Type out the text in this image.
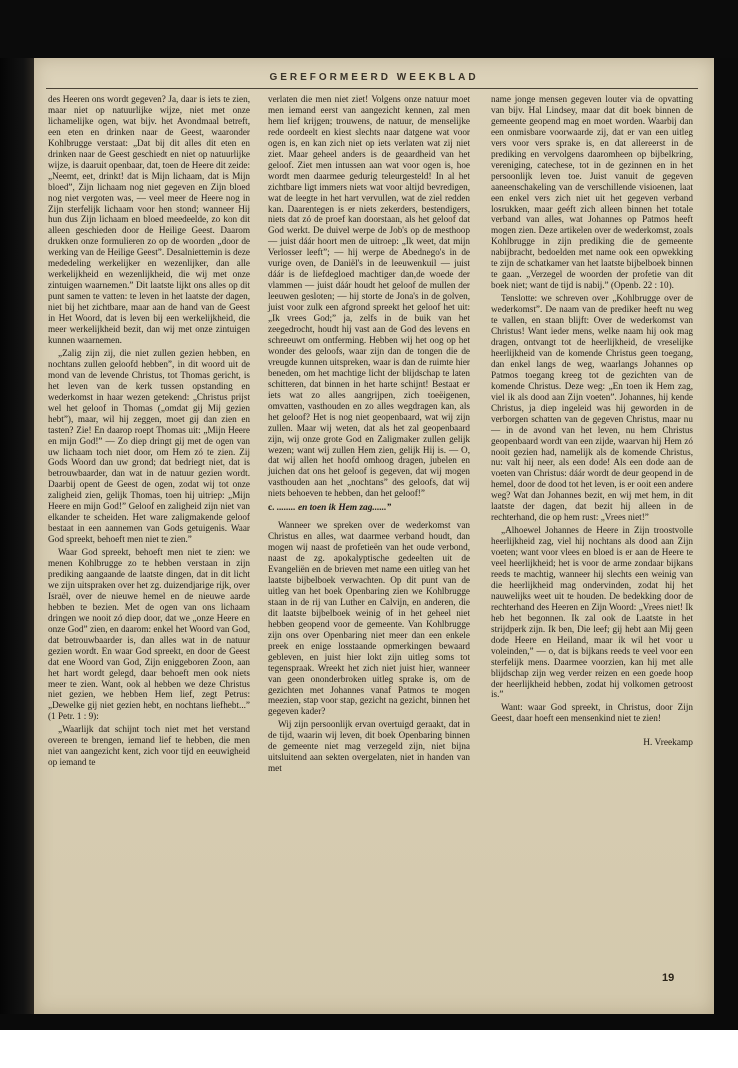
GEREFORMEERD WEEKBLAD

des Heeren ons wordt gegeven? Ja, daar is iets te zien, maar niet op natuurlijke wijze, niet met onze lichamelijke ogen, wat bijv. het Avondmaal betreft, een eten en drinken naar de Geest, waaronder Kohlbrugge verstaat: „Dat bij dit alles dit eten en drinken naar de Geest geschiedt en niet op natuurlijke wijze, is daaruit openbaar, dat, toen de Heere dit zeide: „Neemt, eet, drinkt! dat is Mijn lichaam, dat is Mijn bloed”, Zijn lichaam nog niet gegeven en Zijn bloed nog niet vergoten was, — veel meer de Heere nog in Zijn sterfelijk lichaam voor hen stond; wanneer Hij hun dus Zijn lichaam en bloed meedeelde, zo kon dit alleen geschieden door de Heilige Geest. Daarom drukken onze formulieren zo op de woorden „door de werking van de Heilige Geest”. Desalniettemin is deze mededeling werkelijker en wezenlijker, dan alle werkelijkheid en wezenlijkheid, die wij met onze zintuigen waarnemen.” Dit laatste lijkt ons alles op dit punt samen te vatten: te leven in het laatste der dagen, niet bij het zichtbare, maar aan de hand van de Geest in Het Woord, dat is leven bij een werkelijkheid, die meer werkelijkheid bezit, dan wij met onze zintuigen kunnen waarnemen.

„Zalig zijn zij, die niet zullen gezien hebben, en nochtans zullen geloofd hebben”, in dit woord uit de mond van de levende Christus, tot Thomas gericht, is het leven van de kerk tussen opstanding en wederkomst in haar wezen getekend: „Christus prijst wel het geloof in Thomas („omdat gij Mij gezien hebt”), maar, wil hij zeggen, moet gij dan zien en tasten? Zie! En daarop roept Thomas uit: „Mijn Heere en mijn God!” — Zo diep dringt gij met de ogen van uw lichaam toch niet door, om Hem zó te zien. Zij Gods Woord dan uw grond; dat bedriegt niet, dat is betrouwbaarder, dan wat in de natuur gezien wordt. Daarbij opent de Geest de ogen, zodat wij tot onze zaligheid zien, gelijk Thomas, toen hij uitriep: „Mijn Heere en mijn God!” Geloof en zaligheid zijn niet van elkander te scheiden. Het ware zaligmakende geloof bestaat in een aannemen van Gods getuigenis. Waar God spreekt, behoeft men niet te zien.”

Waar God spreekt, behoeft men niet te zien: we menen Kohlbrugge zo te hebben verstaan in zijn prediking aangaande de laatste dingen, dat in dit licht we zijn uitspraken over het zg. duizendjarige rijk, over Israël, over de nieuwe hemel en de nieuwe aarde hebben te bezien. Met de ogen van ons lichaam dringen we nooit zó diep door, dat we „onze Heere en onze God” zien, en daarom: enkel het Woord van God, dat betrouwbaarder is, dan alles wat in de natuur gezien wordt. En waar God spreekt, en door de Geest dat ene Woord van God, Zijn eniggeboren Zoon, aan het hart wordt gelegd, daar behoeft men ook niets meer te zien. Want, ook al hebben we deze Christus niet gezien, we hebben Hem lief, zegt Petrus: „Dewelke gij niet gezien hebt, en nochtans liefhebt...” (1 Petr. 1 : 9):

„Waarlijk dat schijnt toch niet met het verstand overeen te brengen, iemand lief te hebben, die men niet van aangezicht kent, zich voor tijd en eeuwigheid op iemand te

verlaten die men niet ziet! Volgens onze natuur moet men iemand eerst van aangezicht kennen, zal men hem lief krijgen; trouwens, de natuur, de menselijke rede oordeelt en kiest slechts naar datgene wat voor ogen is, en kan zich niet op iets verlaten wat zij niet ziet. Maar geheel anders is de geaardheid van het geloof. Ziet men intussen aan wat voor ogen is, hoe wordt men daarmee gedurig teleurgesteld! In al het zichtbare ligt immers niets wat voor altijd bevredigen, wat de leegte in het hart vervullen, wat de ziel redden kan. Daarentegen is er niets zekerders, bestendigers, niets dat zó de proef kan doorstaan, als het geloof dat God werkt. De duivel werpe de Job's op de mesthoop — juist dáár hoort men de uitroep: „Ik weet, dat mijn Verlosser leeft”; — hij werpe de Abednego's in de vurige oven, de Daniël's in de leeuwenkuil — juist dáár is de liefdegloed machtiger dan,de woede der vlammen — juist dáár houdt het geloof de mullen der leeuwen gesloten; — hij storte de Jona's in de golven, juist voor zulk een afgrond spreekt het geloof het uit: „Ik vrees God;” ja, zelfs in de buik van het zeegedrocht, houdt hij vast aan de God des levens en schreeuwt om ontferming. Hebben wij het oog op het wonder des geloofs, waar zijn dan de tongen die de vreugde kunnen uitspreken, waar is dan de ruimte hier beneden, om het machtige licht der blijdschap te laten schitteren, dat binnen in het harte schijnt! Bestaat er iets wat zo alles aangrijpen, zich toeëigenen, omvatten, vasthouden en zo alles wegdragen kan, als het geloof? Het is nog niet geopenbaard, wat wij zijn zullen. Maar wij weten, dat als het zal geopenbaard zijn, wij onze grote God en Zaligmaker zullen gelijk wezen; want wij zullen Hem zien, gelijk Hij is. — O, dat wij allen het hoofd omhoog dragen, jubelen en juichen dat ons het geloof is gegeven, dat wij mogen vasthouden aan het „nochtans” des geloofs, dat wij niets behoeven te hebben, dan het geloof!”

c. ........ en toen ik Hem zag......”

Wanneer we spreken over de wederkomst van Christus en alles, wat daarmee verband houdt, dan mogen wij naast de profetieën van het oude verbond, naast de zg. apokalyptische gedeelten uit de Evangeliën en de brieven met name een uitleg van het laatste bijbelboek verwachten. Op dit punt van de uitleg van het boek Openbaring zien we Kohlbrugge staan in de rij van Luther en Calvijn, en anderen, die dit laatste bijbelboek weinig of in het geheel niet hebben geopend voor de gemeente. Van Kohlbrugge zijn ons over Openbaring niet meer dan een enkele preek en enige losstaande opmerkingen bewaard gebleven, en juist hier lokt zijn uitleg soms tot tegenspraak. Wreekt het zich niet juist hier, wanneer van geen ononderbroken uitleg sprake is, om de gezichten met Johannes vanaf Patmos te mogen meezien, stap voor stap, gezicht na gezicht, binnen het gegeven kader?

Wij zijn persoonlijk ervan overtuigd geraakt, dat in de tijd, waarin wij leven, dit boek Openbaring binnen de gemeente niet mag verzegeld zijn, niet bijna uitsluitend aan sekten overgelaten, niet in handen van met

name jonge mensen gegeven louter via de opvatting van bijv. Hal Lindsey, maar dat dit boek binnen de gemeente geopend mag en moet worden. Waarbij dan een onmisbare voorwaarde zij, dat er van een uitleg vers voor vers sprake is, en dat allereerst in de prediking en vervolgens daaromheen op bijbelkring, vereniging, catechese, tot in de gezinnen en in het persoonlijk leven toe. Juist vanuit de gegeven aaneenschakeling van de verschillende visioenen, laat een enkel vers zich niet uit het gegeven verband losrukken, maar geéft zich alleen binnen het totale verband van alles, wat Johannes op Patmos heeft mogen zien. Deze artikelen over de wederkomst, zoals Kohlbrugge in zijn prediking die de gemeente nabijbracht, bedoelden met name ook een opwekking te zijn de schatkamer van het laatste bijbelboek binnen te gaan. „Verzegel de woorden der profetie van dit boek niet; want de tijd is nabij.” (Openb. 22 : 10).

Tenslotte: we schreven over „Kohlbrugge over de wederkomst”. De naam van de prediker heeft nu weg te vallen, en staan blijft: Over de wederkomst van Christus! Want ieder mens, welke naam hij ook mag dragen, ontvangt tot de heerlijkheid, de vreselijke heerlijkheid van de komende Christus geen toegang, dan enkel langs de weg, waarlangs Johannes op Patmos toegang kreeg tot de gezichten van de komende Christus. Deze weg: „En toen ik Hem zag, viel ik als dood aan Zijn voeten”. Johannes, hij kende Christus, ja diep ingeleid was hij geworden in de verborgen schatten van de gegeven Christus, maar nu — in de avond van het leven, nu hem Christus geopenbaard wordt van een zijde, waarvan hij Hem zó nooit gezien had, namelijk als de komende Christus, nu: valt hij neer, als een dode! Als een dode aan de voeten van Christus: dáár wordt de deur geopend in de hemel, door de dood tot het leven, is er ooit een andere weg? Wat dan Johannes bezit, en wij met hem, in dit laatste der dagen, dat bezit hij alleen in de rechterhand, die op hem rust: „Vrees niet!”

„Alhoewel Johannes de Heere in Zijn troostvolle heerlijkheid zag, viel hij nochtans als dood aan Zijn voeten; want voor vlees en bloed is er aan de Heere te veel heerlijkheid; het is voor de arme zondaar bijkans reeds te machtig, wanneer hij slechts een weinig van die heerlijkheid mag ondervinden, zodat hij het nauwelijks weet uit te houden. De bedekking door de rechterhand des Heeren en Zijn Woord: „Vrees niet! Ik heb het begonnen. Ik zal ook de Laatste in het strijdperk zijn. Ik ben, Die leef; gij hebt aan Mij geen dode Heere en Heiland, maar ik wil het voor u voleinden,” — o, dat is bijkans reeds te veel voor een sterfelijk mens. Daarmee voorzien, kan hij met alle blijdschap zijn weg verder reizen en een goede hoop der heerlijkheid hebben, zodat hij volkomen getroost is.”

Want: waar God spreekt, in Christus, door Zijn Geest, daar hoeft een mensenkind niet te zien!

H. Vreekamp
19
